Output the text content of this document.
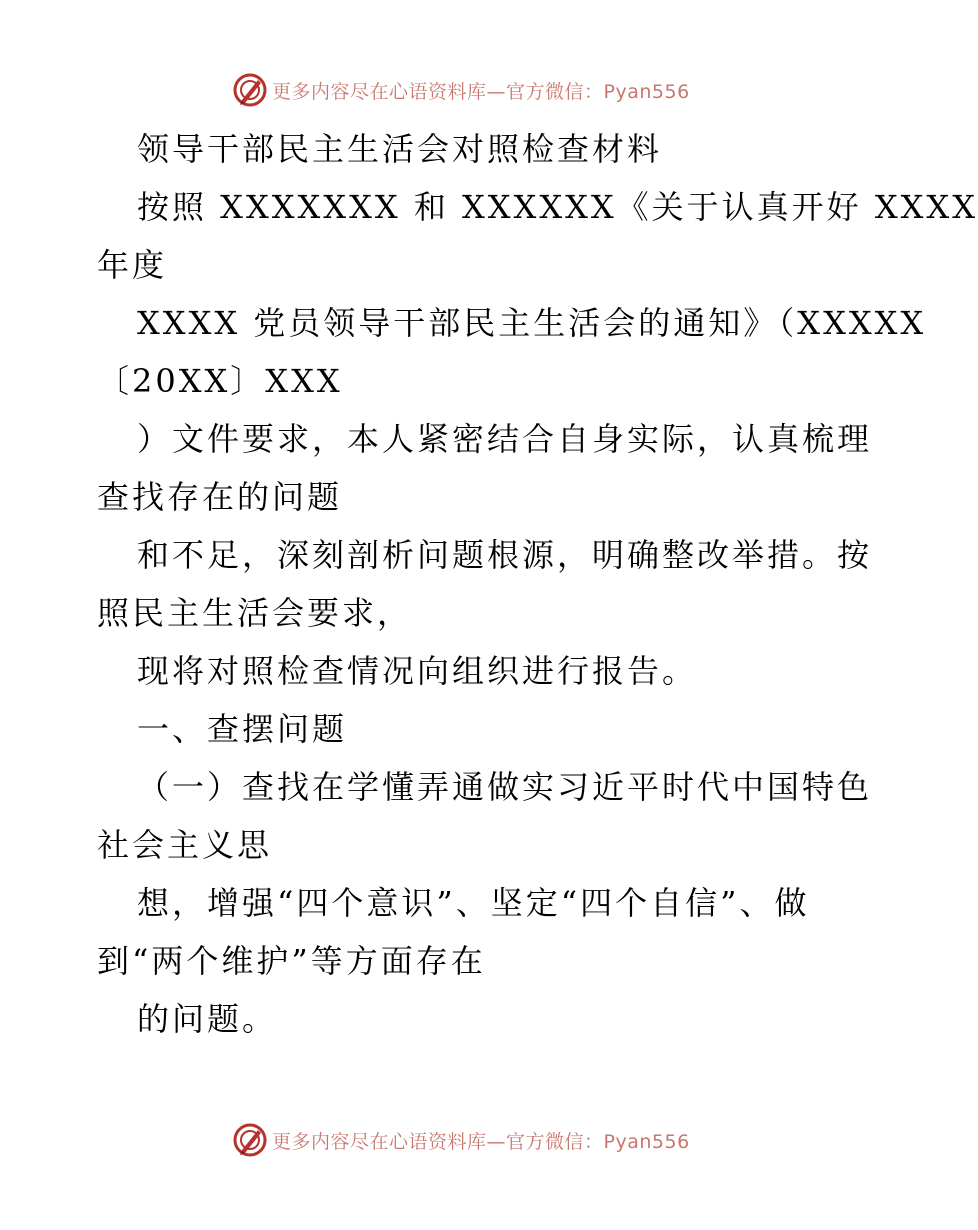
更多内容尽在心语资料库—官方微信：Pyan556
领导干部民主生活会对照检查材料
按照 XXXXXXX 和 XXXXXX《关于认真开好 XXXX
年度
XXXX 党员领导干部民主生活会的通知》（XXXXX
〔20XX〕XXX
）文件要求，本人紧密结合自身实际，认真梳理
查找存在的问题
和不足，深刻剖析问题根源，明确整改举措。按
照民主生活会要求，
现将对照检查情况向组织进行报告。
一、查摆问题
（一）查找在学懂弄通做实习近平时代中国特色
社会主义思
想，增强“四个意识”、坚定“四个自信”、做
到“两个维护”等方面存在
的问题。
更多内容尽在心语资料库—官方微信：Pyan556
